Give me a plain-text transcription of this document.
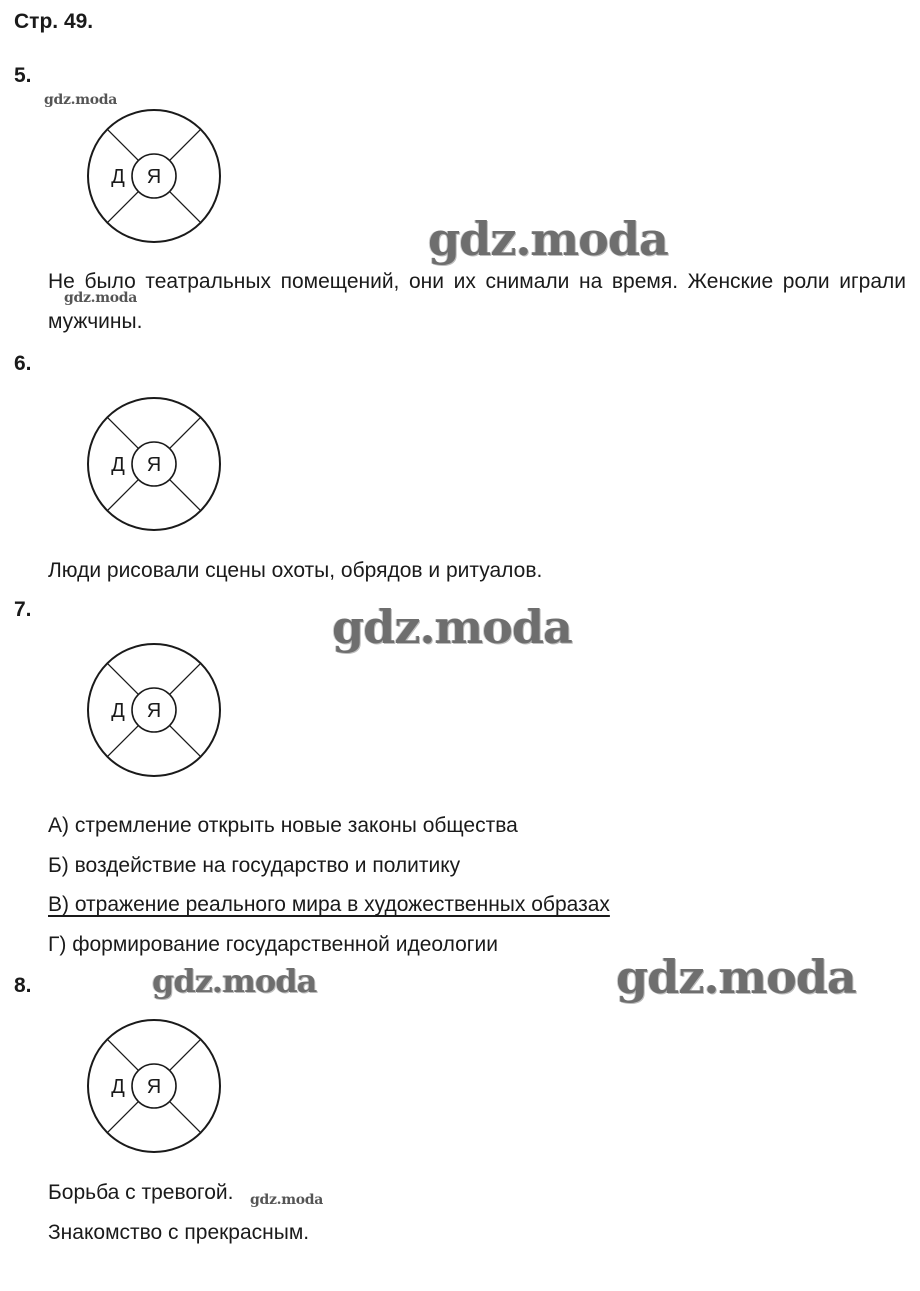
Стр. 49.
5.
gdz.moda
Д Я
gdz.moda
Не было театральных помещений, они их снимали на время. Женские роли играли мужчины.
gdz.moda
6.
Д Я
Люди рисовали сцены охоты, обрядов и ритуалов.
7.	gdz.moda
Д Я
А) стремление открыть новые законы общества
Б) воздействие на государство и политику
В) отражение реального мира в художественных образах
Г) формирование государственной идеологии
8.	gdz.moda	gdz.moda
Д Я
Борьба с тревогой. gdz.moda
Знакомство с прекрасным.
